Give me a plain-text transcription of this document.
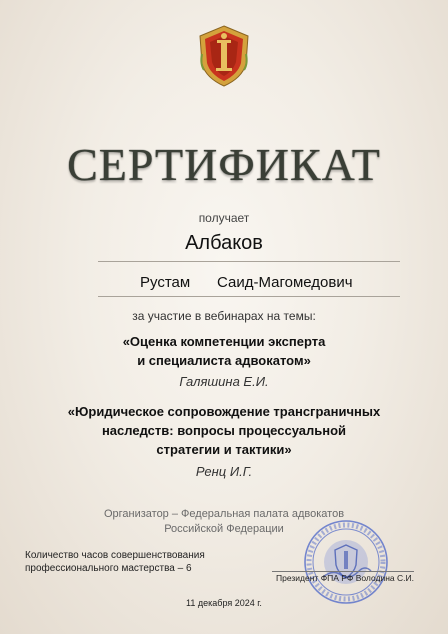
СЕРТИФИКАТ
получает
Албаков
Рустам Саид-Магомедович
за участие в вебинарах на темы:
«Оценка компетенции эксперта
и специалиста адвокатом»
Галяшина Е.И.
«Юридическое сопровождение трансграничных
наследств: вопросы процессуальной
стратегии и тактики»
Ренц И.Г.
Организатор – Федеральная палата адвокатов
Российской Федерации
Количество часов совершенствования
профессионального мастерства – 6
Президент ФПА РФ Володина С.И.
11 декабря 2024 г.
